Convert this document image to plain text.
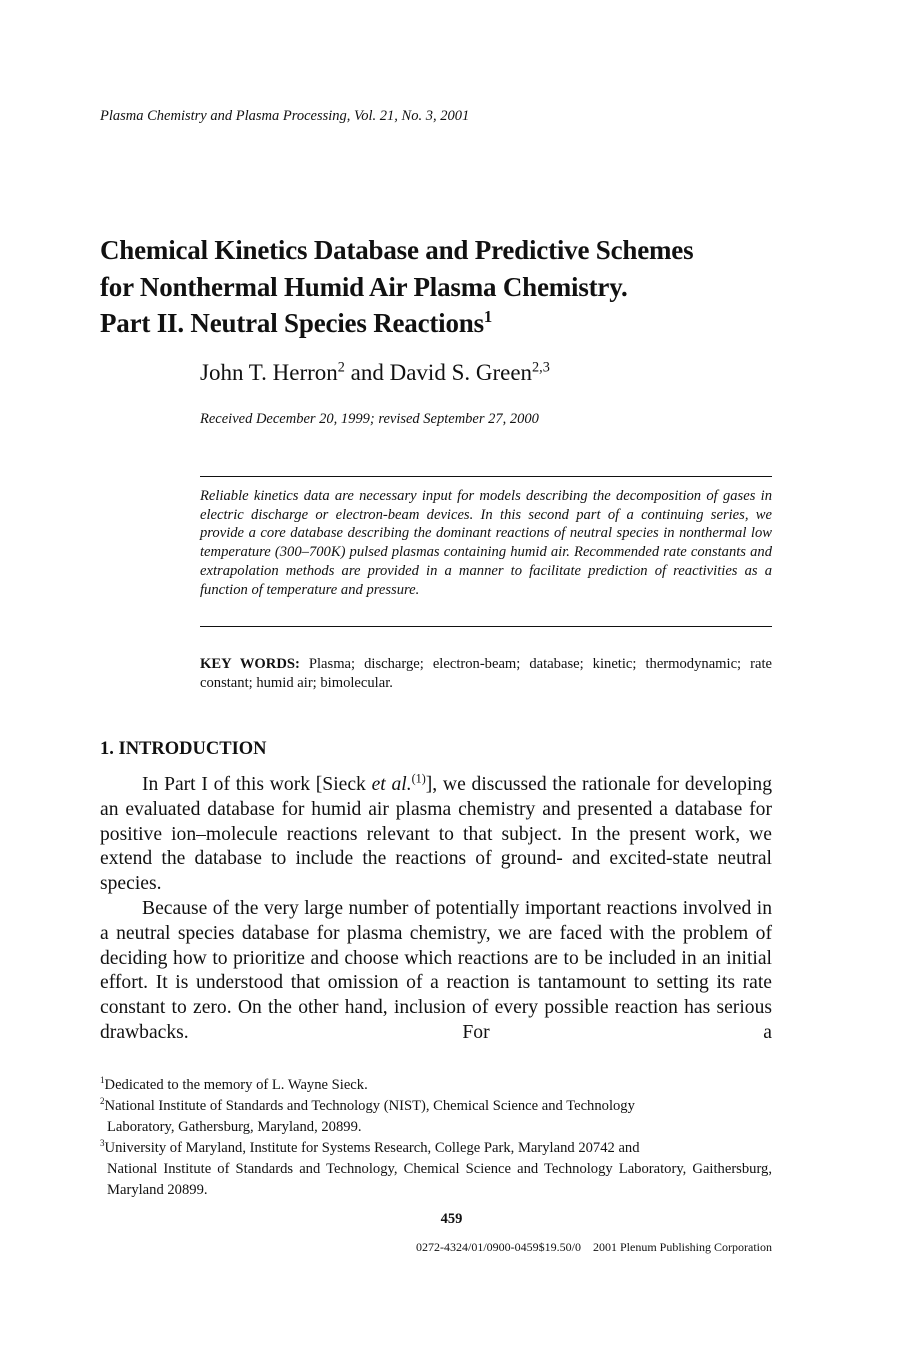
Plasma Chemistry and Plasma Processing, Vol. 21, No. 3, 2001
Chemical Kinetics Database and Predictive Schemes
for Nonthermal Humid Air Plasma Chemistry.
Part II. Neutral Species Reactions$^1$
John T. Herron$^2$ and David S. Green$^{2,3}$
Received December 20, 1999; revised September 27, 2000
Reliable kinetics data are necessary input for models describing the decomposition of gases in electric discharge or electron-beam devices. In this second part of a continuing series, we provide a core database describing the dominant reactions of neutral species in nonthermal low temperature (300–700K) pulsed plasmas containing humid air. Recommended rate constants and extrapolation methods are provided in a manner to facilitate prediction of reactivities as a function of temperature and pressure.
KEY WORDS: Plasma; discharge; electron-beam; database; kinetic; thermodynamic; rate constant; humid air; bimolecular.
1. INTRODUCTION

In Part I of this work [Sieck et al.$^{(1)}$], we discussed the rationale for developing an evaluated database for humid air plasma chemistry and presented a database for positive ion–molecule reactions relevant to that subject. In the present work, we extend the database to include the reactions of ground- and excited-state neutral species.

Because of the very large number of potentially important reactions involved in a neutral species database for plasma chemistry, we are faced with the problem of deciding how to prioritize and choose which reactions are to be included in an initial effort. It is understood that omission of a reaction is tantamount to setting its rate constant to zero. On the other hand, inclusion of every possible reaction has serious drawbacks. For a

$^1$Dedicated to the memory of L. Wayne Sieck.
$^2$National Institute of Standards and Technology (NIST), Chemical Science and Technology
Laboratory, Gathersburg, Maryland, 20899.
$^3$University of Maryland, Institute for Systems Research, College Park, Maryland 20742 and
National Institute of Standards and Technology, Chemical Science and Technology Laboratory, Gaithersburg, Maryland 20899.
459
0272-4324/01/0900-0459$19.50/0    2001 Plenum Publishing Corporation
